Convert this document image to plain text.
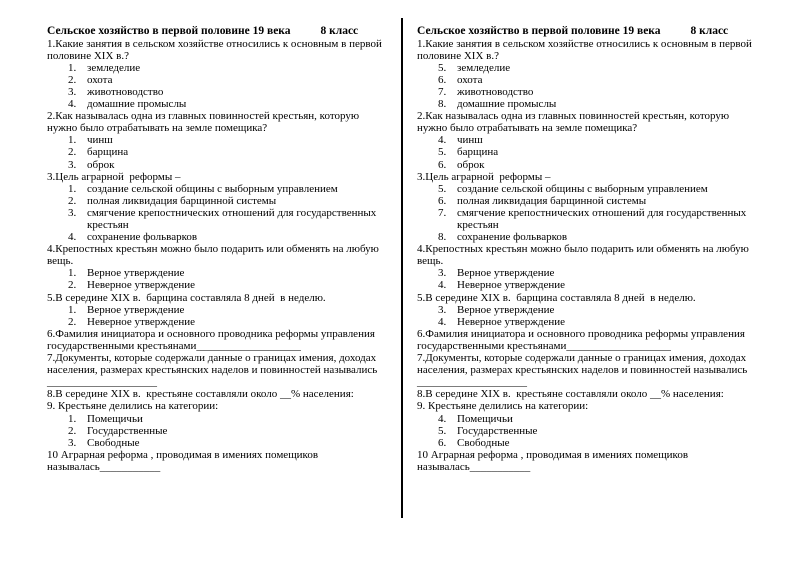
Сельское хозяйство в первой половине 19 века	8 класс
1.Какие занятия в сельском хозяйстве относились к основным в первой
половине XIX в.?
1. земледелие
2. охота
3. животноводство
4. домашние промыслы
2.Как называлась одна из главных повинностей крестьян, которую
нужно было отрабатывать на земле помещика?
1. чинш
2. барщина
3. оброк
3.Цель аграрной  реформы –
1. создание сельской общины с выборным управлением
2. полная ликвидация барщинной системы
3. смягчение крепостнических отношений для государственных
крестьян
4. сохранение фольварков
4.Крепостных крестьян можно было подарить или обменять на любую
вещь.
1. Верное утверждение
2. Неверное утверждение
5.В середине XIX в.  барщина составляла 8 дней  в неделю.
1. Верное утверждение
2. Неверное утверждение
6.Фамилия инициатора и основного проводника реформы управления
государственными крестьянами___________________
7.Документы, которые содержали данные о границах имения, доходах
населения, размерах крестьянских наделов и повинностей назывались
____________________
8.В середине XIX в.  крестьяне составляли около __% населения:
9. Крестьяне делились на категории:
1. Помещичьи
2. Государственные
3. Свободные
10 Аграрная реформа , проводимая в имениях помещиков
называлась___________
Сельское хозяйство в первой половине 19 века	8 класс
1.Какие занятия в сельском хозяйстве относились к основным в первой
половине XIX в.?
5. земледелие
6. охота
7. животноводство
8. домашние промыслы
2.Как называлась одна из главных повинностей крестьян, которую
нужно было отрабатывать на земле помещика?
4. чинш
5. барщина
6. оброк
3.Цель аграрной  реформы –
5. создание сельской общины с выборным управлением
6. полная ликвидация барщинной системы
7. смягчение крепостнических отношений для государственных
крестьян
8. сохранение фольварков
4.Крепостных крестьян можно было подарить или обменять на любую
вещь.
3. Верное утверждение
4. Неверное утверждение
5.В середине XIX в.  барщина составляла 8 дней  в неделю.
3. Верное утверждение
4. Неверное утверждение
6.Фамилия инициатора и основного проводника реформы управления
государственными крестьянами___________________
7.Документы, которые содержали данные о границах имения, доходах
населения, размерах крестьянских наделов и повинностей назывались
____________________
8.В середине XIX в.  крестьяне составляли около __% населения:
9. Крестьяне делились на категории:
4. Помещичьи
5. Государственные
6. Свободные
10 Аграрная реформа , проводимая в имениях помещиков
называлась___________
